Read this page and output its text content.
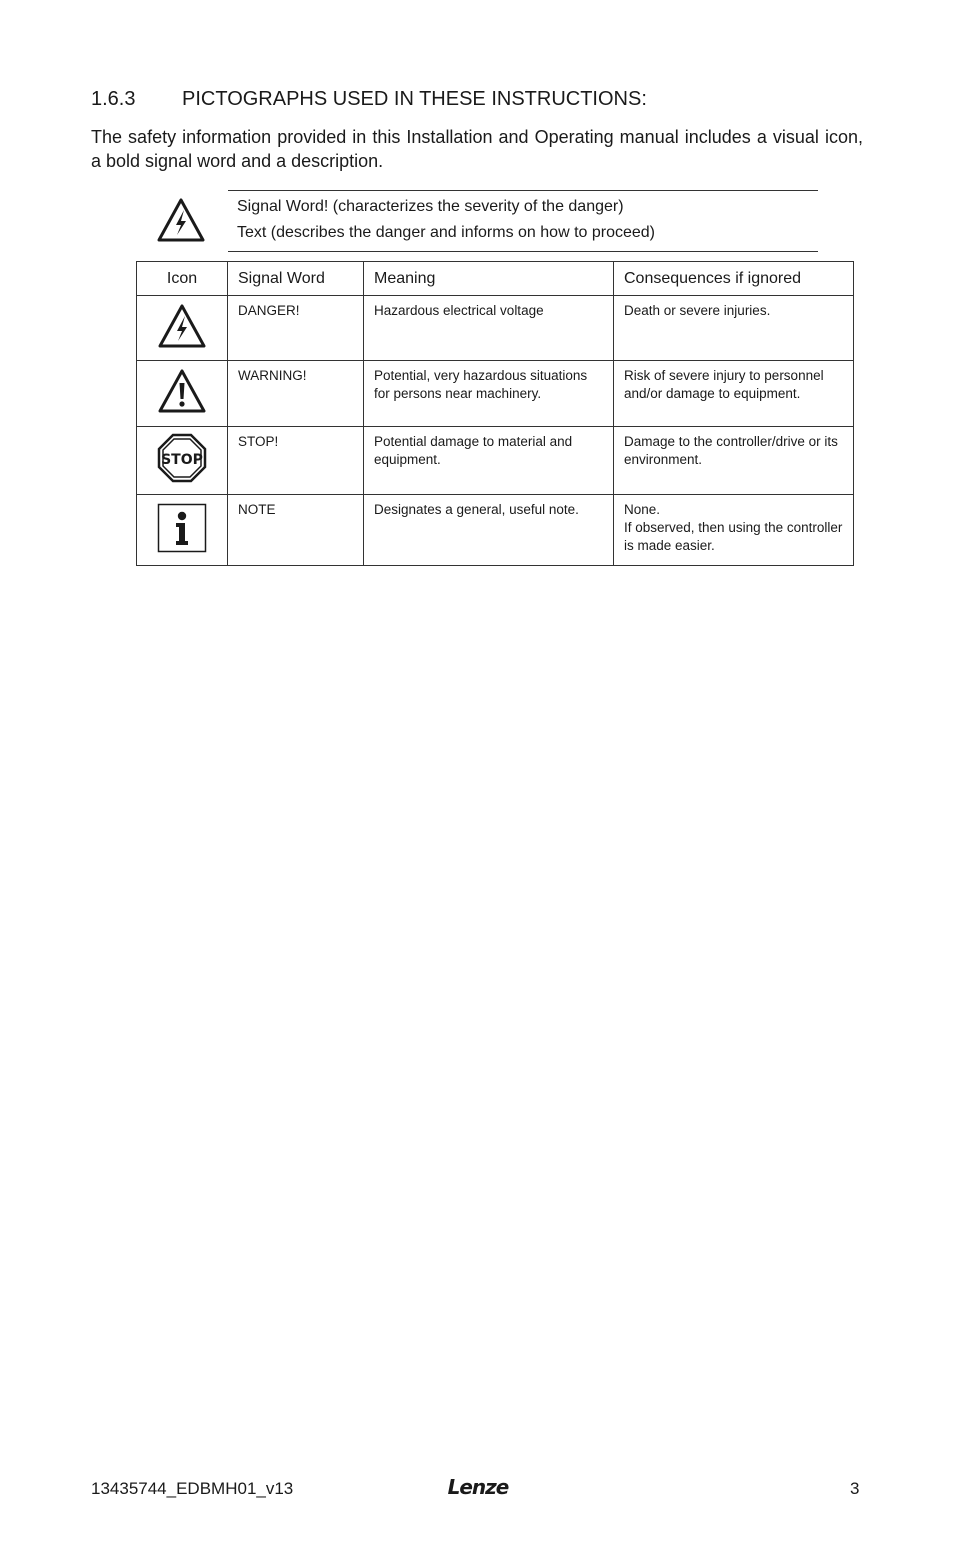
1.6.3 PICTOGRAPHS USED IN THESE INSTRUCTIONS:
The safety information provided in this Installation and Operating manual includes a visual icon, a bold signal word and a description.
Signal Word! (characterizes the severity of the danger)
Text (describes the danger and informs on how to proceed)
Icon	Signal Word	Meaning	Consequences if ignored
	DANGER!	Hazardous electrical voltage	Death or severe injuries.

	WARNING!	Potential, very hazardous situations for persons near machinery.	Risk of severe injury to personnel and/or damage to equipment.

STOP	STOP!	Potential damage to material and equipment.	Damage to the controller/drive or its environment.

	NOTE	Designates a general, useful note.	None.
If observed, then using the controller is made easier.
13435744_EDBMH01_v13	Lenze	3
